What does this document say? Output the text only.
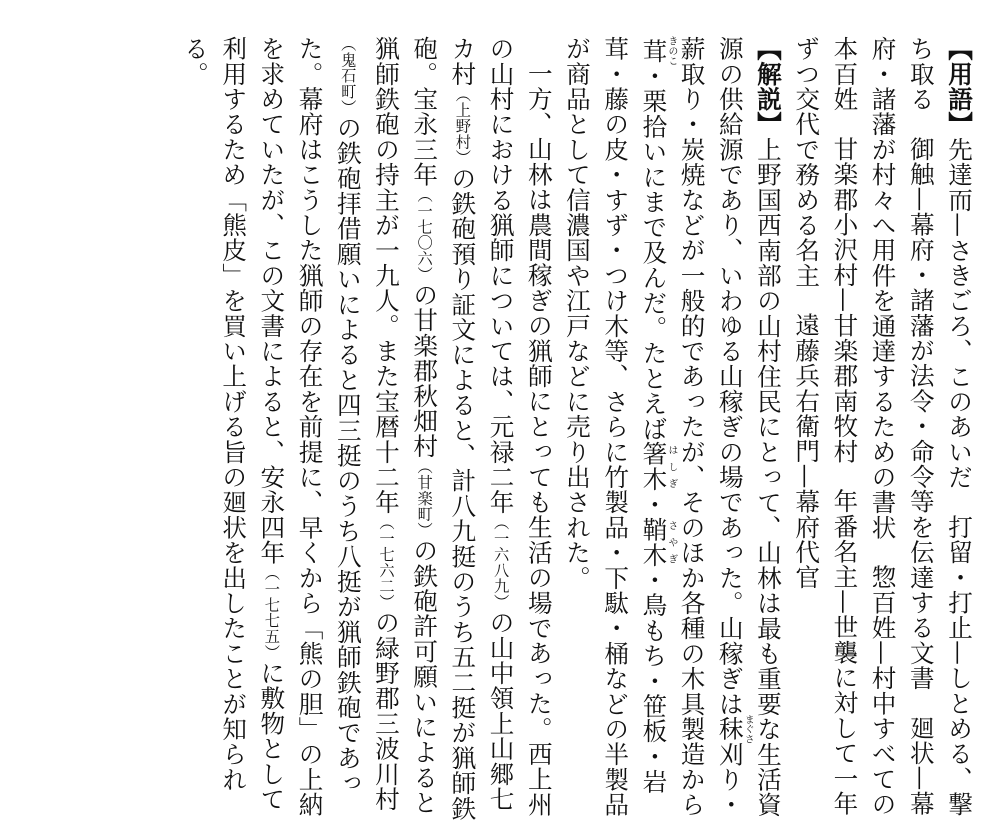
【用語】先達而—さきごろ、このあいだ打留・打止—しとめる、撃ち取る御触—幕府・諸藩が法令・命令等を伝達する文書廻状—幕府・諸藩が村々へ用件を通達するための書状惣百姓—村中すべての本百姓甘楽郡小沢村—甘楽郡南牧村年番名主—世襲に対して一年ずつ交代で務める名主遠藤兵右衛門—幕府代官

【解説】上野国西南部の山村住民にとって、山林は最も重要な生活資源の供給源であり、いわゆる山稼ぎの場であった。山稼ぎは秣まぐさ刈り・薪取り・炭焼などが一般的であったが、そのほか各種の木具製造から茸きのこ・栗拾いにまで及んだ。たとえば箸木はしぎ・鞘木さやぎ・鳥もち・笹板・岩茸・藤の皮・すず・つけ木等、さらに竹製品・下駄・桶などの半製品が商品として信濃国や江戸などに売り出された。

一方、山林は農間稼ぎの猟師にとっても生活の場であった。西上州の山村における猟師については、元禄二年（一六八九）の山中領上山郷七カ村（上野村）の鉄砲預り証文によると、計八九挺のうち五二挺が猟師鉄砲。宝永三年（一七〇六）の甘楽郡秋畑村（甘楽町）の鉄砲許可願いによると猟師鉄砲の持主が一九人。また宝暦十二年（一七六二）の緑野郡三波川村（鬼石町）の鉄砲拝借願いによると四三挺のうち八挺が猟師鉄砲であった。幕府はこうした猟師の存在を前提に、早くから「熊の胆」の上納を求めていたが、この文書によると、安永四年（一七七五）に敷物として利用するため「熊皮」を買い上げる旨の廻状を出したことが知られる。
